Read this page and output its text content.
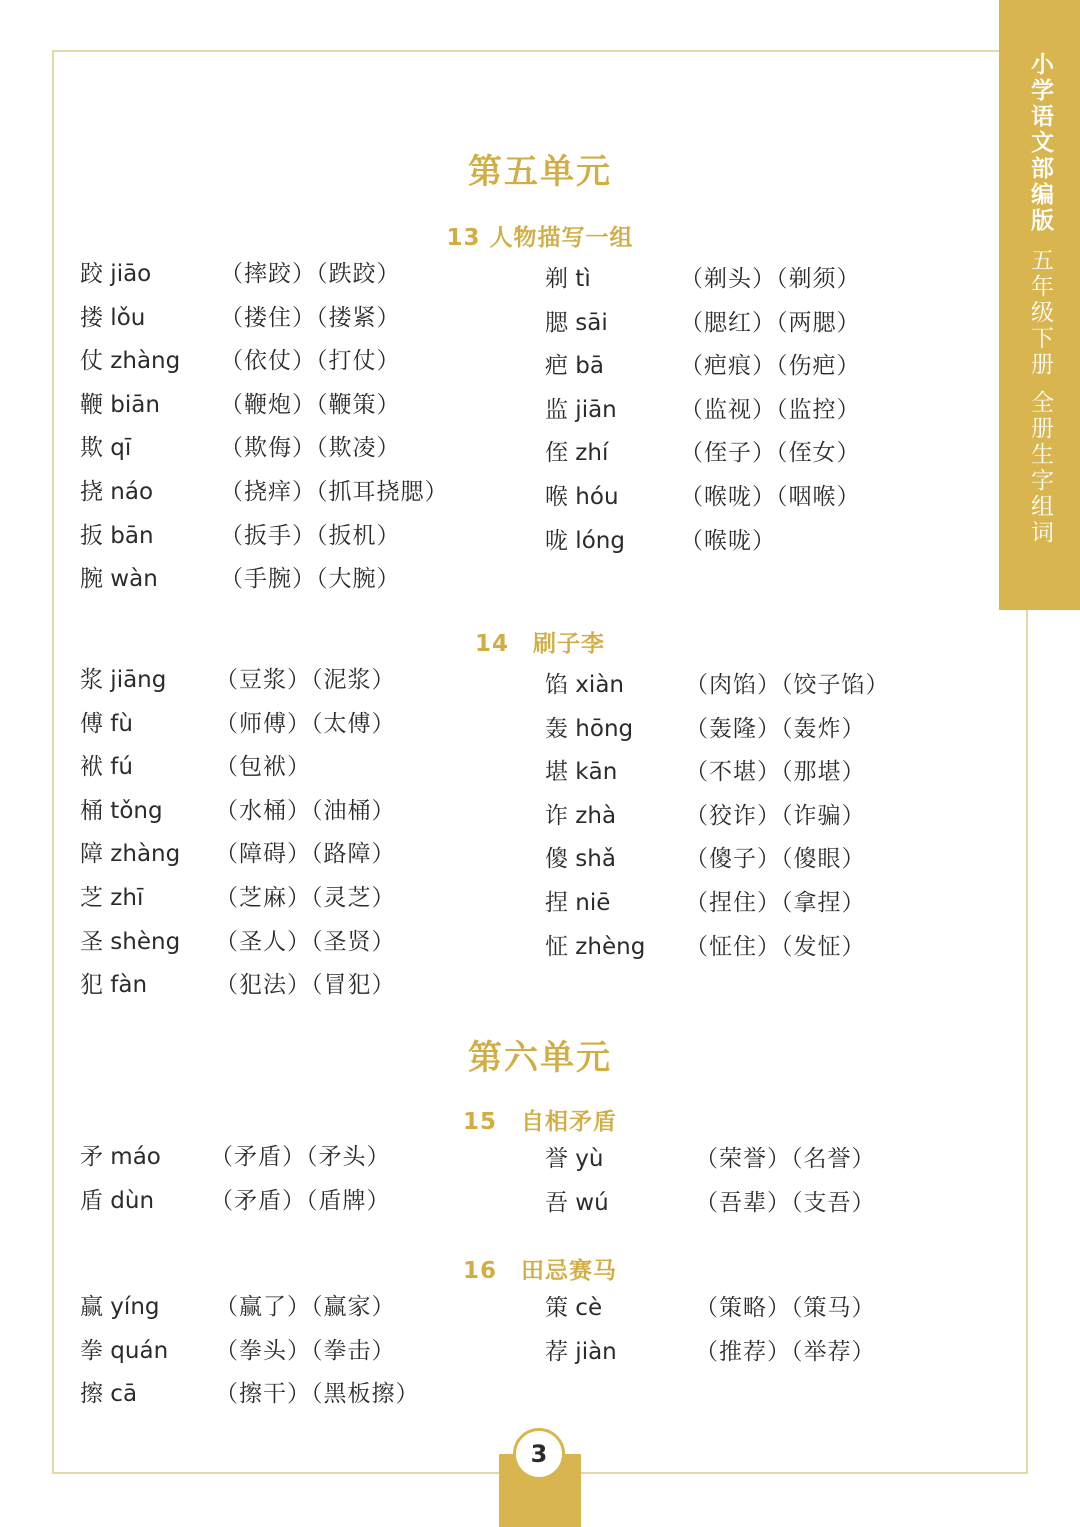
小学语文部编版
五年级下册
全册生字组词
第五单元
13 人物描写一组
跤 jiāo	（摔跤）（跌跤）
搂 lǒu	（搂住）（搂紧）
仗 zhàng （依仗）（打仗）
鞭 biān	（鞭炮）（鞭策）
欺 qī	（欺侮）（欺凌）
挠 náo	（挠痒）（抓耳挠腮）
扳 bān	（扳手）（扳机）
腕 wàn	（手腕）（大腕）
剃 tì	（剃头）（剃须）
腮 sāi	（腮红）（两腮）
疤 bā	（疤痕）（伤疤）
监 jiān	（监视）（监控）
侄 zhí	（侄子）（侄女）
喉 hóu	（喉咙）（咽喉）
咙 lóng （喉咙）
14　刷子李
浆 jiāng （豆浆）（泥浆）
傅 fù	（师傅）（太傅）
袱 fú	（包袱）
桶 tǒng （水桶）（油桶）
障 zhàng （障碍）（路障）
芝 zhī	（芝麻）（灵芝）
圣 shèng （圣人）（圣贤）
犯 fàn	（犯法）（冒犯）
馅 xiàn	（肉馅）（饺子馅）
轰 hōng （轰隆）（轰炸）
堪 kān	（不堪）（那堪）
诈 zhà	（狡诈）（诈骗）
傻 shǎ	（傻子）（傻眼）
捏 niē	（捏住）（拿捏）
怔 zhèng （怔住）（发怔）
第六单元
15　自相矛盾
矛 máo （矛盾）（矛头）
盾 dùn （矛盾）（盾牌）
誉 yù	（荣誉）（名誉）
吾 wú	（吾辈）（支吾）
16　田忌赛马
赢 yíng （赢了）（赢家）
拳 quán （拳头）（拳击）
擦 cā	（擦干）（黑板擦）
策 cè	（策略）（策马）
荐 jiàn	（推荐）（举荐）
3
